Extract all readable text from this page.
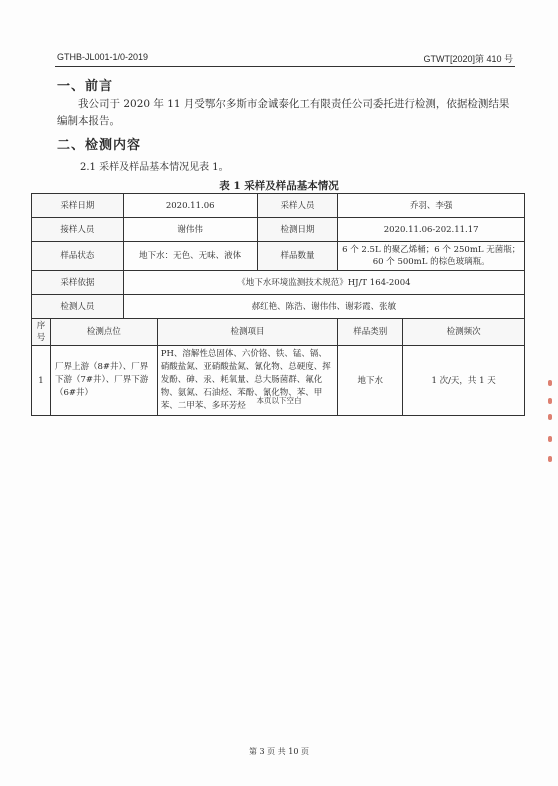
GTHB-JL001-1/0-2019	GTWT[2020]第 410 号
一、前言
我公司于 2020 年 11 月受鄂尔多斯市金诚泰化工有限责任公司委托进行检测，依据检测结果编制本报告。
二、检测内容
2.1 采样及样品基本情况见表 1。
表 1 采样及样品基本情况
采样日期		2020.11.06		采样人员	乔羽、李强	
接样人员		谢伟伟		检测日期	2020.11.06-202.11.17	
样品状态		地下水：无色、无味、液体		样品数量	6 个 2.5L 的聚乙烯桶；6 个 250mL 无菌瓶；60 个 500mL 的棕色玻璃瓶。	
采样依据		《地下水环境监测技术规范》HJ/T 164-2004				
检测人员		郝红艳、陈浩、谢伟伟、谢彩霞、张敏				
序号	检测点位		检测项目		样品类别	检测频次
1	厂界上游（8#井）、厂界下游（7#井）、厂界下游（6#井）		PH、溶解性总固体、六价铬、铁、锰、镉、硝酸盐氮、亚硝酸盐氮、氰化物、总硬度、挥发酚、砷、汞、耗氧量、总大肠菌群、氟化物、氨氮、石油烃、苯酚、氰化物、苯、甲苯、二甲苯、多环芳烃		地下水	1 次/天，共 1 天
本页以下空白
第 3 页 共 10 页
